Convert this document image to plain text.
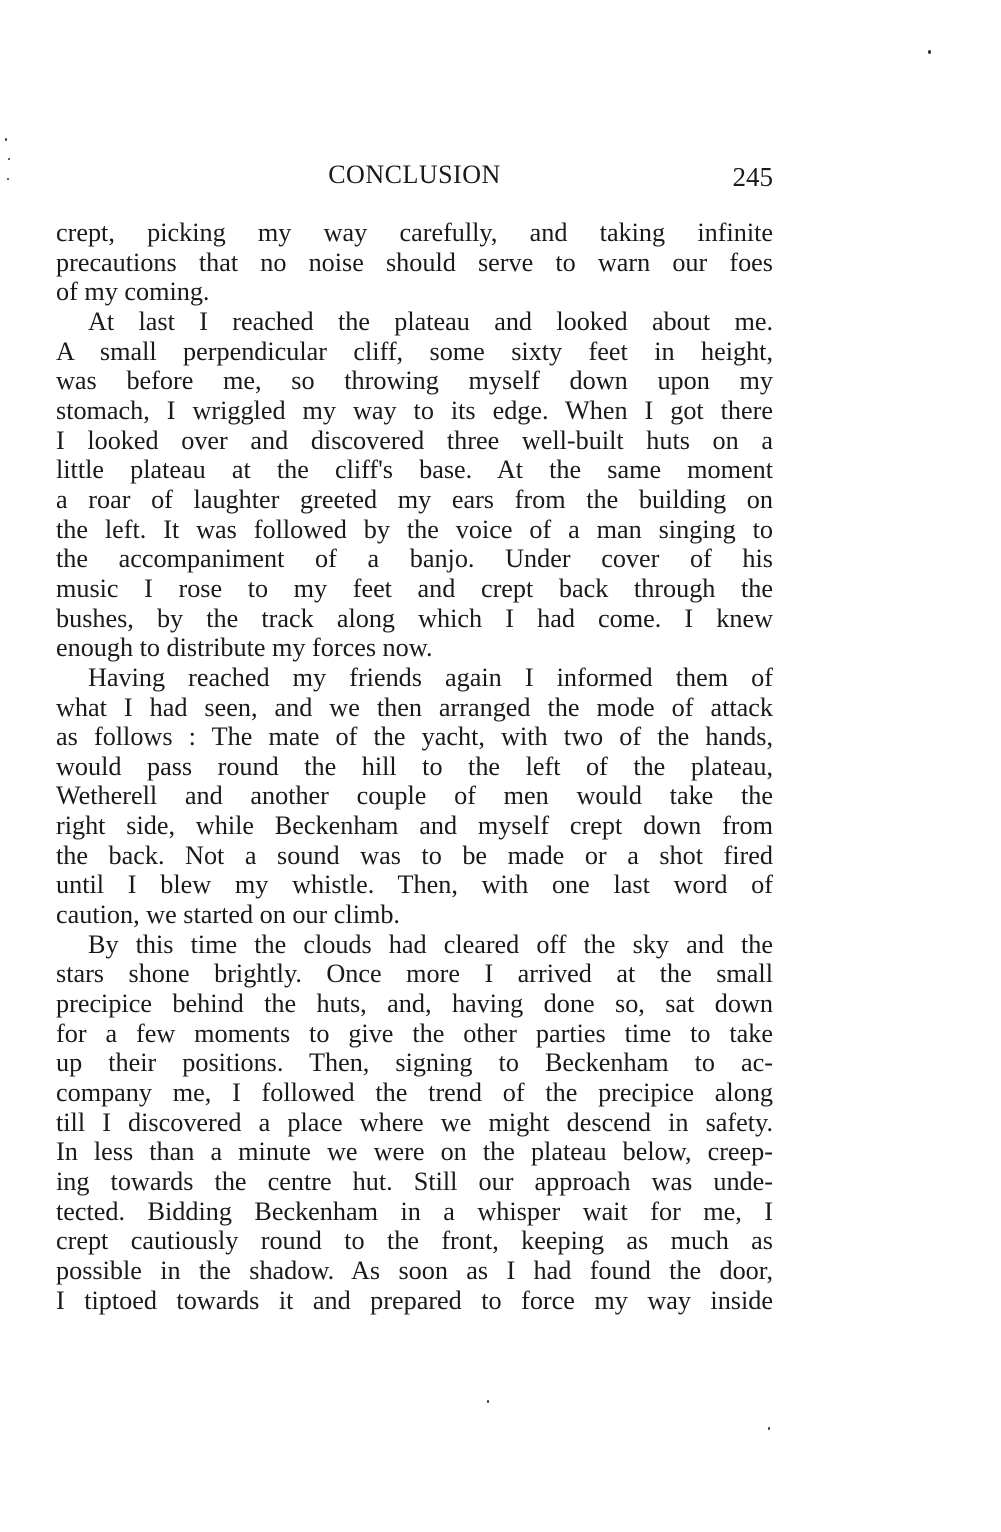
CONCLUSION	245
crept, picking my way carefully, and taking infinite
precautions that no noise should serve to warn our foes
of my coming.
At last I reached the plateau and looked about me.
A small perpendicular cliff, some sixty feet in height,
was before me, so throwing myself down upon my
stomach, I wriggled my way to its edge. When I got there
I looked over and discovered three well-built huts on a
little plateau at the cliff's base. At the same moment
a roar of laughter greeted my ears from the building on
the left. It was followed by the voice of a man singing to
the accompaniment of a banjo. Under cover of his
music I rose to my feet and crept back through the
bushes, by the track along which I had come. I knew
enough to distribute my forces now.
Having reached my friends again I informed them of
what I had seen, and we then arranged the mode of attack
as follows : The mate of the yacht, with two of the hands,
would pass round the hill to the left of the plateau,
Wetherell and another couple of men would take the
right side, while Beckenham and myself crept down from
the back. Not a sound was to be made or a shot fired
until I blew my whistle. Then, with one last word of
caution, we started on our climb.
By this time the clouds had cleared off the sky and the
stars shone brightly. Once more I arrived at the small
precipice behind the huts, and, having done so, sat down
for a few moments to give the other parties time to take
up their positions. Then, signing to Beckenham to ac-
company me, I followed the trend of the precipice along
till I discovered a place where we might descend in safety.
In less than a minute we were on the plateau below, creep-
ing towards the centre hut. Still our approach was unde-
tected. Bidding Beckenham in a whisper wait for me, I
crept cautiously round to the front, keeping as much as
possible in the shadow. As soon as I had found the door,
I tiptoed towards it and prepared to force my way inside
